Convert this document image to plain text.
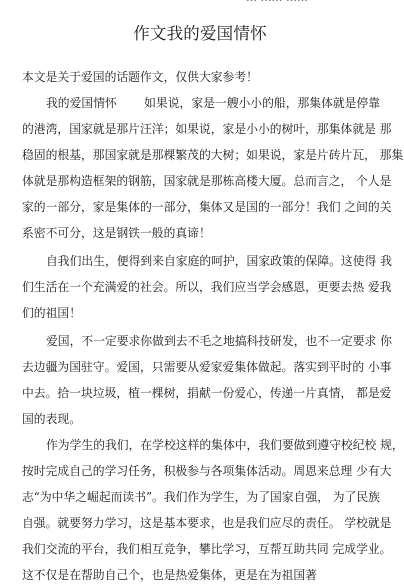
作文我的爱国情怀
本文是关于爱国的话题作文，仅供大家参考！
我的爱国情怀　　 如果说，家是一艘小小的船，那集体就是停靠
的港湾，国家就是那片汪洋；如果说，家是小小的树叶，那集体就是 那
稳固的根基，那国家就是那棵繁茂的大树；如果说，家是片砖片瓦， 那集
体就是那构造框架的钢筋，国家就是那栋高楼大厦。总而言之， 个人是
家的一部分，家是集体的一部分，集体又是国的一部分！我们 之间的关
系密不可分，这是钢铁一般的真谛！
自我们出生，便得到来自家庭的呵护，国家政策的保障。这使得 我
们生活在一个充满爱的社会。所以，我们应当学会感恩，更要去热 爱我
们的祖国！
爱国，不一定要求你做到去不毛之地搞科技研发，也不一定要求 你
去边疆为国驻守。爱国，只需要从爱家爱集体做起。落实到平时的 小事
中去。拾一块垃圾，植一棵树，捐献一份爱心，传递一片真情， 都是爱
国的表现。
作为学生的我们，在学校这样的集体中，我们要做到遵守校纪校 规，
按时完成自己的学习任务，积极参与各项集体活动。周恩来总理 少有大
志“为中华之崛起而读书”。我们作为学生，为了国家自强， 为了民族
自强。就要努力学习，这是基本要求，也是我们应尽的责任。 学校就是
我们交流的平台，我们相互竞争，攀比学习，互帮互助共同 完成学业。
这不仅是在帮助自己个，也是热爱集体，更是在为祖国著
